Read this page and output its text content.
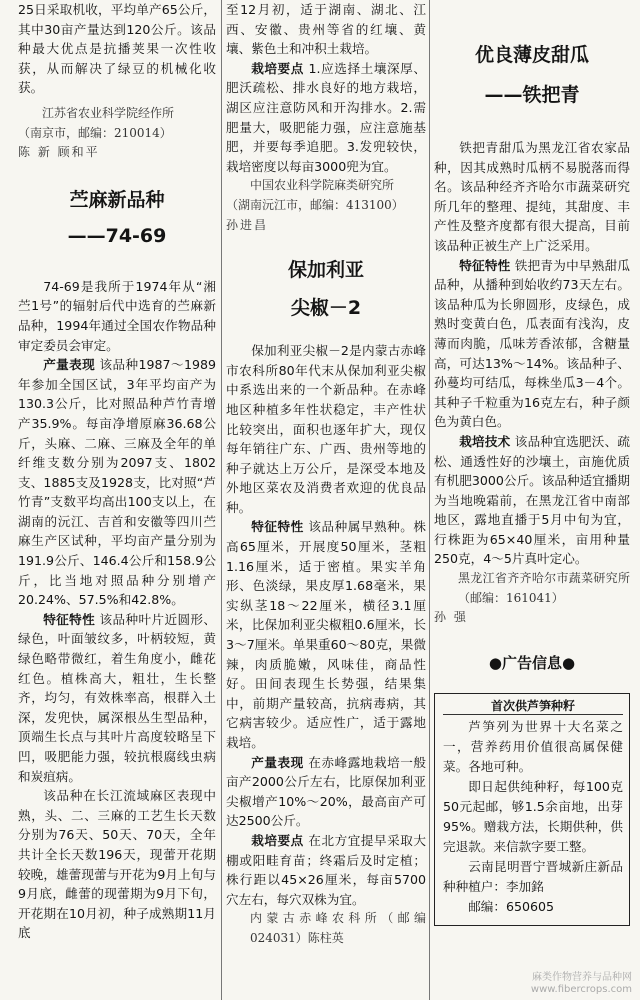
25日采取机收，平均单产65公斤，其中30亩产量达到120公斤。该品种最大优点是抗播荚果一次性收获，从而解决了绿豆的机械化收获。

江苏省农业科学院经作所

（南京市，邮编：210014）

陈 新 顾和平

苎麻新品种
——74-69

74-69是我所于1974年从“湘苎1号”的辐射后代中选育的苎麻新品种，1994年通过全国农作物品种审定委员会审定。

产量表现 该品种1987～1989年参加全国区试，3年平均亩产为130.3公斤，比对照品种芦竹青增产35.9%。每亩净增原麻36.68公斤，头麻、二麻、三麻及全年的单纤维支数分别为2097支、1802支、1885支及1928支，比对照“芦竹青”支数平均高出100支以上，在湖南的沅江、吉首和安徽等四川苎麻生产区试种，平均亩产量分别为191.9公斤、146.4公斤和158.9公斤，比当地对照品种分别增产20.24%、57.5%和42.8%。

特征特性 该品种叶片近圆形、绿色，叶面皱纹多，叶柄较短，黄绿色略带微红，着生角度小，雌花红色。植株高大，粗壮，生长整齐，均匀，有效株率高，根群入土深，发兜快，属深根丛生型品种，顶端生长点与其叶片高度较略呈下凹，吸肥能力强，较抗根腐线虫病和炭疽病。

该品种在长江流域麻区表现中熟，头、二、三麻的工艺生长天数分别为76天、50天、70天，全年共计全长天数196天，现蕾开花期较晚，雄蕾现蕾与开花为9月上旬与9月底，雌蕾的现蕾期为9月下旬，开花期在10月初，种子成熟期11月底

至12月初，适于湖南、湖北、江西、安徽、贵州等省的红壤、黄壤、紫色土和冲积土栽培。

栽培要点 1.应选择土壤深厚、肥沃疏松、排水良好的地方栽培，湖区应注意防风和开沟排水。2.需肥量大，吸肥能力强，应注意施基肥，并要每季追肥。3.发兜较快，栽培密度以每亩3000兜为宜。

中国农业科学院麻类研究所

（湖南沅江市，邮编：413100）

孙进昌

保加利亚
尖椒－2

保加利亚尖椒－2是内蒙古赤峰市农科所80年代末从保加利亚尖椒中系选出来的一个新品种。在赤峰地区种植多年性状稳定，丰产性状比较突出，面积也逐年扩大，现仅每年销往广东、广西、贵州等地的种子就达上万公斤，是深受本地及外地区菜农及消费者欢迎的优良品种。

特征特性 该品种属早熟种。株高65厘米，开展度50厘米，茎粗1.16厘米，适于密植。果实羊角形、色淡绿，果皮厚1.68毫米，果实纵茎18～22厘米，横径3.1厘米，比保加利亚尖椒粗0.6厘米，长3～7厘米。单果重60～80克，果微辣，肉质脆嫩，风味佳，商品性好。田间表现生长势强，结果集中，前期产量较高，抗病毒病，其它病害较少。适应性广，适于露地栽培。

产量表现 在赤峰露地栽培一般亩产2000公斤左右，比原保加利亚尖椒增产10%～20%，最高亩产可达2500公斤。

栽培要点 在北方宜提早采取大棚或阳畦育苗；终霜后及时定植；株行距以45×26厘米，每亩5700穴左右，每穴双株为宜。

内蒙古赤峰农科所（邮编024031）陈柱英

优良薄皮甜瓜
——铁把青

铁把青甜瓜为黑龙江省农家品种，因其成熟时瓜柄不易脱落而得名。该品种经齐齐哈尔市蔬菜研究所几年的整理、提纯，其甜度、丰产性及整齐度都有很大提高，目前该品种正被生产上广泛采用。

特征特性 铁把青为中早熟甜瓜品种，从播种到始收约73天左右。该品种瓜为长卵圆形，皮绿色，成熟时变黄白色，瓜表面有浅沟，皮薄而肉脆，瓜味芳香浓郁，含糖量高，可达13%～14%。该品种子、孙蔓均可结瓜，每株坐瓜3－4个。其种子千粒重为16克左右，种子颜色为黄白色。

栽培技术 该品种宜选肥沃、疏松、通透性好的沙壤土，亩施优质有机肥3000公斤。该品种适宜播期为当地晚霜前，在黑龙江省中南部地区，露地直播于5月中旬为宜，行株距为65×40厘米，亩用种量250克，4～5片真叶定心。

黑龙江省齐齐哈尔市蔬菜研究所（邮编：161041）

孙 强

●广告信息●
首次供芦笋种籽

芦笋列为世界十大名菜之一，营养药用价值很高属保健菜。各地可种。

即日起供纯种籽，每100克50元起邮，够1.5余亩地，出芽95%。赠栽方法，长期供种，供完退款。来信款字要工整。

云南昆明晋宁晋城新庄新品种种植户：李加銘

邮编：650605

麻类作物营养与品种网
www.fibercrops.com
